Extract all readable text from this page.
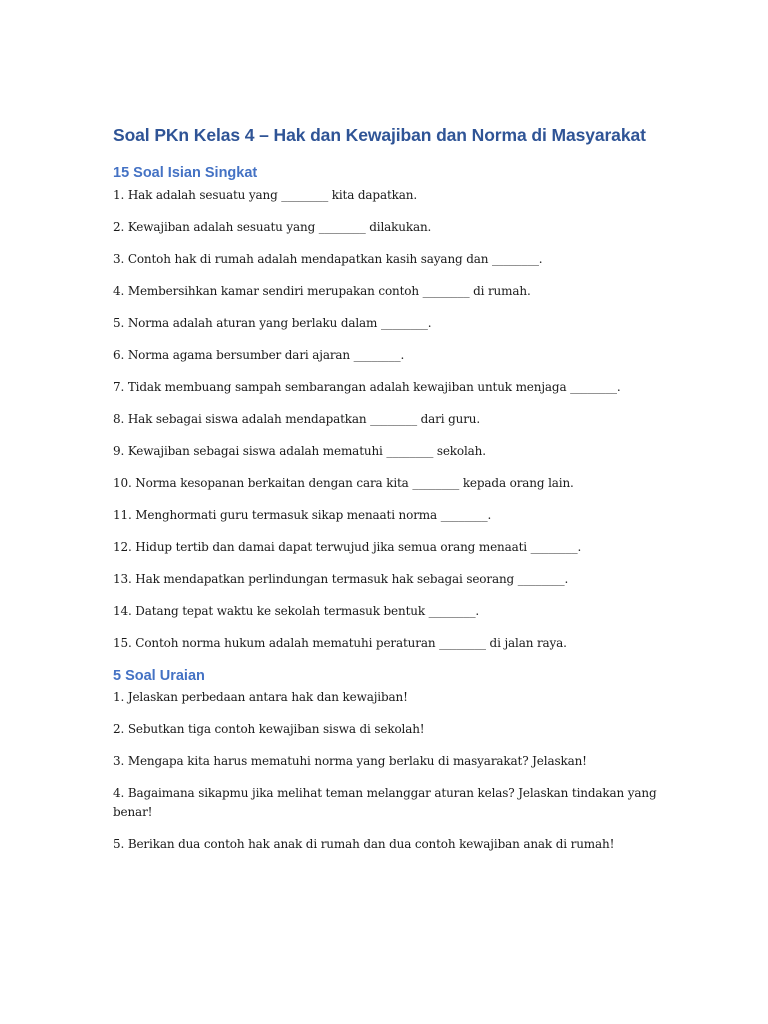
Soal PKn Kelas 4 – Hak dan Kewajiban dan Norma di Masyarakat
15 Soal Isian Singkat
1. Hak adalah sesuatu yang ________ kita dapatkan.
2. Kewajiban adalah sesuatu yang ________ dilakukan.
3. Contoh hak di rumah adalah mendapatkan kasih sayang dan ________.
4. Membersihkan kamar sendiri merupakan contoh ________ di rumah.
5. Norma adalah aturan yang berlaku dalam ________.
6. Norma agama bersumber dari ajaran ________.
7. Tidak membuang sampah sembarangan adalah kewajiban untuk menjaga ________.
8. Hak sebagai siswa adalah mendapatkan ________ dari guru.
9. Kewajiban sebagai siswa adalah mematuhi ________ sekolah.
10. Norma kesopanan berkaitan dengan cara kita ________ kepada orang lain.
11. Menghormati guru termasuk sikap menaati norma ________.
12. Hidup tertib dan damai dapat terwujud jika semua orang menaati ________.
13. Hak mendapatkan perlindungan termasuk hak sebagai seorang ________.
14. Datang tepat waktu ke sekolah termasuk bentuk ________.
15. Contoh norma hukum adalah mematuhi peraturan ________ di jalan raya.
5 Soal Uraian
1. Jelaskan perbedaan antara hak dan kewajiban!
2. Sebutkan tiga contoh kewajiban siswa di sekolah!
3. Mengapa kita harus mematuhi norma yang berlaku di masyarakat? Jelaskan!
4. Bagaimana sikapmu jika melihat teman melanggar aturan kelas? Jelaskan tindakan yang benar!
5. Berikan dua contoh hak anak di rumah dan dua contoh kewajiban anak di rumah!
